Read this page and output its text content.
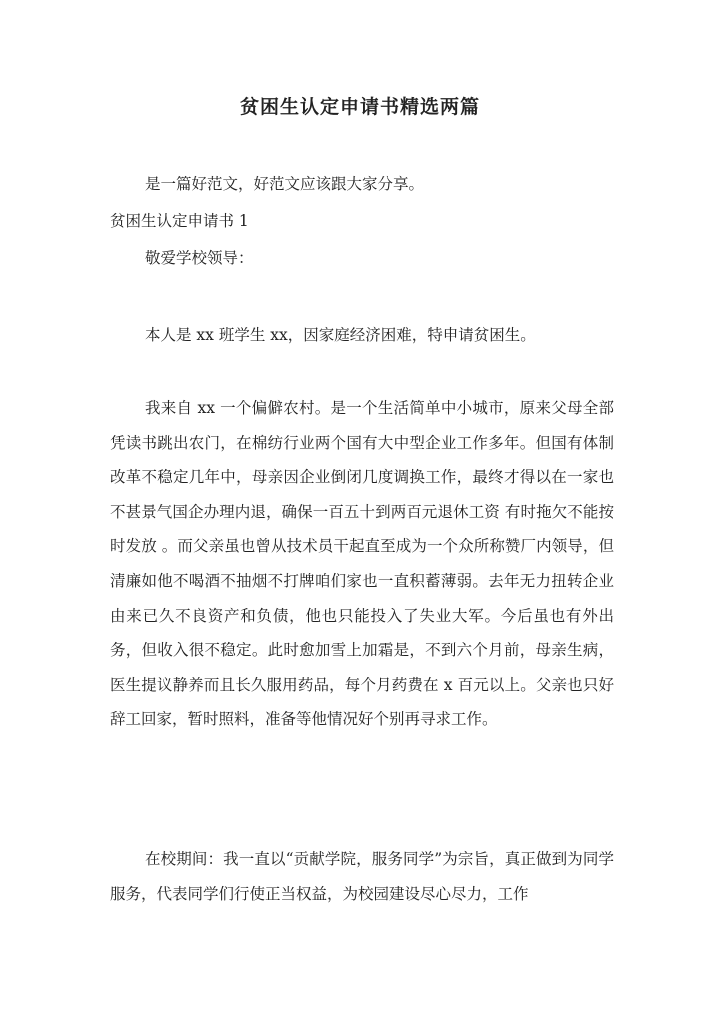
贫困生认定申请书精选两篇

是一篇好范文，好范文应该跟大家分享。

贫困生认定申请书 1

敬爱学校领导：

本人是 xx 班学生 xx，因家庭经济困难，特申请贫困生。

我来自 xx 一个偏僻农村。是一个生活简单中小城市，原来父母全部凭读书跳出农门，在棉纺行业两个国有大中型企业工作多年。但国有体制改革不稳定几年中，母亲因企业倒闭几度调换工作，最终才得以在一家也不甚景气国企办理内退，确保一百五十到两百元退休工资 有时拖欠不能按时发放 。而父亲虽也曾从技术员干起直至成为一个众所称赞厂内领导，但清廉如他不喝酒不抽烟不打牌咱们家也一直积蓄薄弱。去年无力扭转企业由来已久不良资产和负债，他也只能投入了失业大军。今后虽也有外出务，但收入很不稳定。此时愈加雪上加霜是，不到六个月前，母亲生病，医生提议静养而且长久服用药品，每个月药费在 x 百元以上。父亲也只好辞工回家，暂时照料，准备等他情况好个别再寻求工作。

在校期间：我一直以“贡献学院，服务同学”为宗旨，真正做到为同学服务，代表同学们行使正当权益，为校园建设尽心尽力，工作
